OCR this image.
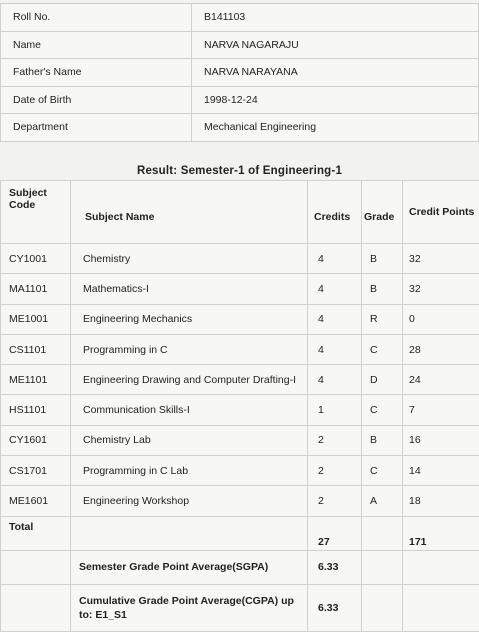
Roll No.	B141103
Name	NARVA NAGARAJU
Father's Name	NARVA NARAYANA
Date of Birth	1998-12-24
Department	Mechanical Engineering
Result: Semester-1 of Engineering-1
Subject Code	Subject Name	Credits	Grade	Credit Points
CY1001	Chemistry	4	B	32
MA1101	Mathematics-I	4	B	32
ME1001	Engineering Mechanics	4	R	0
CS1101	Programming in C	4	C	28
ME1101	Engineering Drawing and Computer Drafting-I	4	D	24
HS1101	Communication Skills-I	1	C	7
CY1601	Chemistry Lab	2	B	16
CS1701	Programming in C Lab	2	C	14
ME1601	Engineering Workshop	2	A	18
Total		27		171
	Semester Grade Point Average(SGPA)	6.33		
	Cumulative Grade Point Average(CGPA) up to: E1_S1	6.33		
